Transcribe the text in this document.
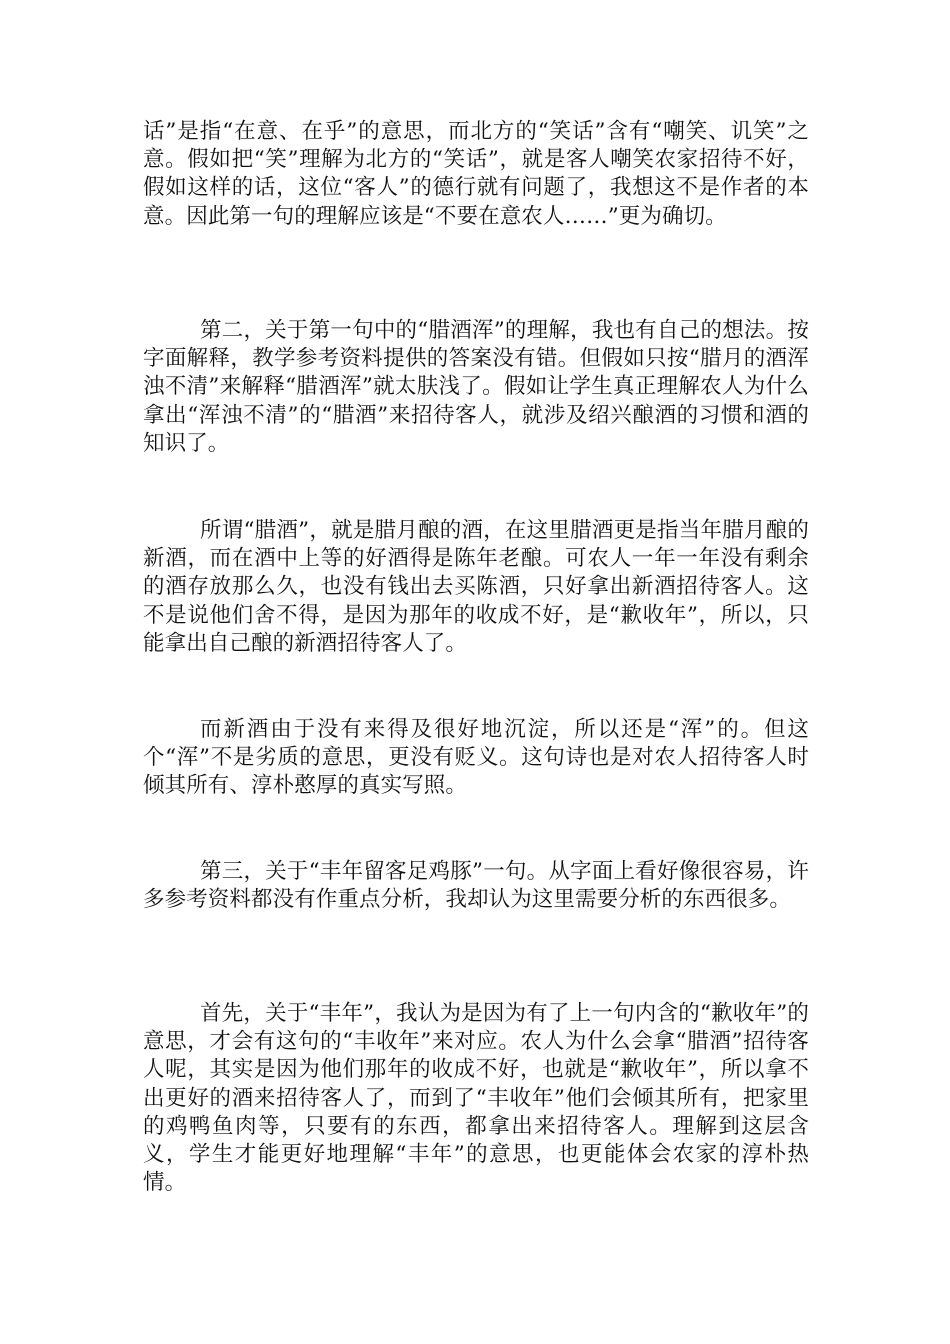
话”是指“在意、在乎”的意思，而北方的“笑话”含有“嘲笑、讥笑”之意。假如把“笑”理解为北方的“笑话”，就是客人嘲笑农家招待不好，假如这样的话，这位“客人”的德行就有问题了，我想这不是作者的本意。因此第一句的理解应该是“不要在意农人……”更为确切。

第二，关于第一句中的“腊酒浑”的理解，我也有自己的想法。按字面解释，教学参考资料提供的答案没有错。但假如只按“腊月的酒浑浊不清”来解释“腊酒浑”就太肤浅了。假如让学生真正理解农人为什么拿出“浑浊不清”的“腊酒”来招待客人，就涉及绍兴酿酒的习惯和酒的知识了。

所谓“腊酒”，就是腊月酿的酒，在这里腊酒更是指当年腊月酿的新酒，而在酒中上等的好酒得是陈年老酿。可农人一年一年没有剩余的酒存放那么久，也没有钱出去买陈酒，只好拿出新酒招待客人。这不是说他们舍不得，是因为那年的收成不好，是“歉收年”，所以，只能拿出自己酿的新酒招待客人了。

而新酒由于没有来得及很好地沉淀，所以还是“浑”的。但这个“浑”不是劣质的意思，更没有贬义。这句诗也是对农人招待客人时倾其所有、淳朴憨厚的真实写照。

第三，关于“丰年留客足鸡豚”一句。从字面上看好像很容易，许多参考资料都没有作重点分析，我却认为这里需要分析的东西很多。

首先，关于“丰年”，我认为是因为有了上一句内含的“歉收年”的意思，才会有这句的“丰收年”来对应。农人为什么会拿“腊酒”招待客人呢，其实是因为他们那年的收成不好，也就是“歉收年”，所以拿不出更好的酒来招待客人了，而到了“丰收年”他们会倾其所有，把家里的鸡鸭鱼肉等，只要有的东西，都拿出来招待客人。理解到这层含义，学生才能更好地理解“丰年”的意思，也更能体会农家的淳朴热情。
